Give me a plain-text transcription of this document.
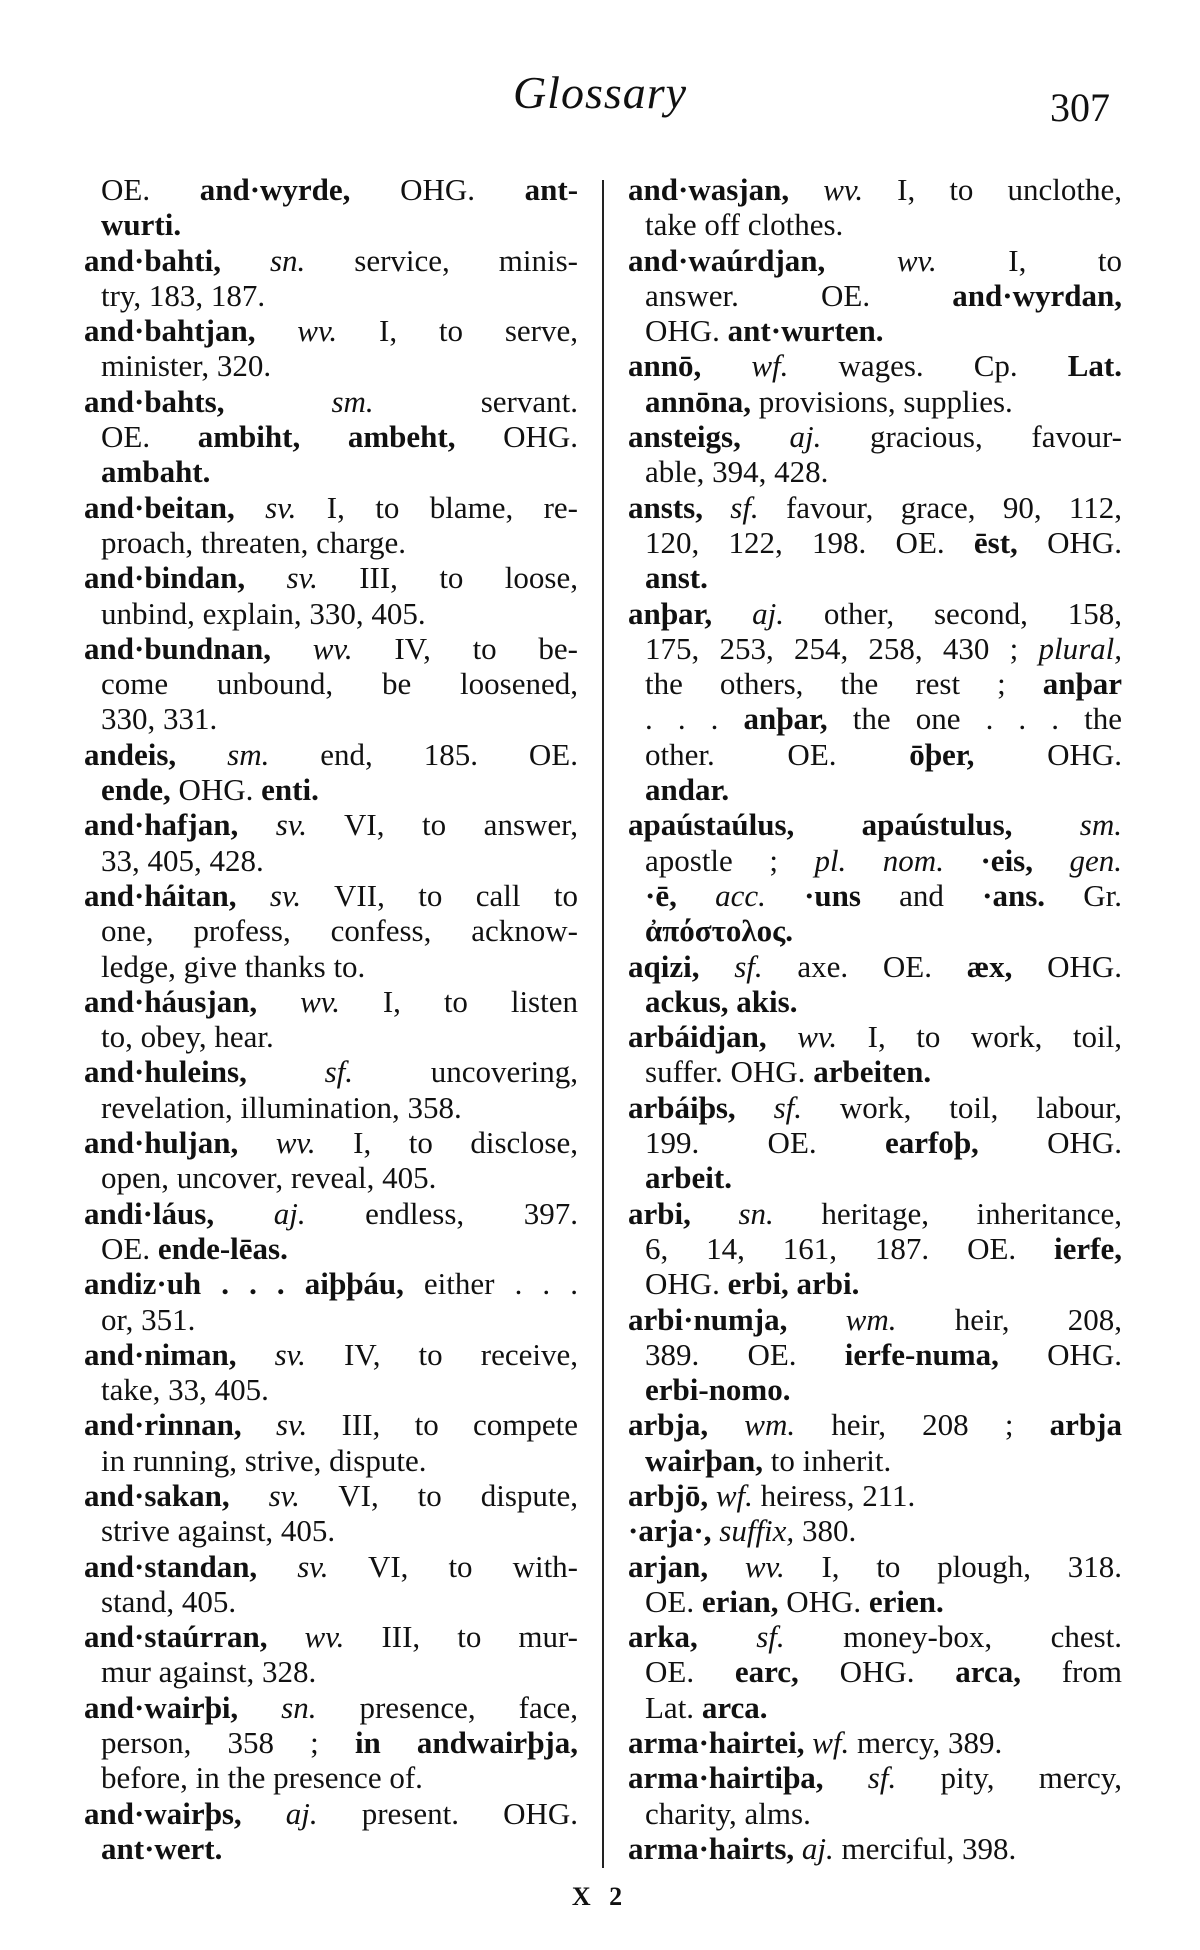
Glossary	307
OE. and·wyrde, OHG. ant-
wurti.
and·bahti, sn. service, minis-
try, 183, 187.
and·bahtjan, wv. I, to serve,
minister, 320.
and·bahts,	sm. servant.
OE. ambiht, ambeht, OHG.
ambaht.
and·beitan, sv. I, to blame, re-
proach, threaten, charge.
and·bindan, sv. III, to loose,
unbind, explain, 330, 405.
and·bundnan, wv. IV, to be-
come unbound, be loosened,
330, 331.
andeis, sm. end, 185. OE.
ende, OHG. enti.
and·hafjan, sv. VI, to answer,
33, 405, 428.
and·háitan, sv. VII, to call to
one, profess, confess, acknow-
ledge, give thanks to.
and·háusjan, wv. I, to listen
to, obey, hear.
and·huleins,	sf. uncovering,
revelation, illumination, 358.
and·huljan, wv. I, to disclose,
open, uncover, reveal, 405.
andi·láus, aj. endless, 397.
OE. ende-lēas.
andiz·uh . . . aiþþáu, either . . .
or, 351.
and·niman, sv. IV, to receive,
take, 33, 405.
and·rinnan, sv. III, to compete
in running, strive, dispute.
and·sakan, sv. VI, to dispute,
strive against, 405.
and·standan, sv. VI, to with-
stand, 405.
and·staúrran, wv. III, to mur-
mur against, 328.
and·wairþi, sn. presence, face,
person, 358 ; in andwairþja,
before, in the presence of.
and·wairþs, aj. present. OHG.
ant·wert.
and·wasjan, wv. I, to unclothe,
take off clothes.
and·waúrdjan, wv. I, to
answer. OE. and·wyrdan,
OHG. ant·wurten.
annō, wf. wages. Cp. Lat.
annōna, provisions, supplies.
ansteigs, aj. gracious, favour-
able, 394, 428.
ansts, sf. favour, grace, 90, 112,
120, 122, 198. OE. ēst, OHG.
anst.
anþar, aj. other, second, 158,
175, 253, 254, 258, 430 ; plural,
the others, the rest ; anþar
. . . anþar, the one . . . the
other. OE. ōþer, OHG.
andar.
apaústaúlus, apaústulus, sm.
apostle ; pl. nom. ·eis, gen.
·ē, acc. ·uns and ·ans. Gr.
ἀπόστολος.
aqizi, sf. axe. OE. æx, OHG.
ackus, akis.
arbáidjan, wv. I, to work, toil,
suffer. OHG. arbeiten.
arbáiþs, sf. work, toil, labour,
199. OE. earfoþ, OHG.
arbeit.
arbi, sn. heritage, inheritance,
6, 14, 161, 187. OE. ierfe,
OHG. erbi, arbi.
arbi·numja, wm. heir, 208,
389. OE. ierfe-numa, OHG.
erbi-nomo.
arbja, wm. heir, 208 ; arbja
wairþan, to inherit.
arbjō, wf. heiress, 211.
·arja·, suffix, 380.
arjan, wv. I, to plough, 318.
OE. erian, OHG. erien.
arka, sf. money-box, chest.
OE. earc, OHG. arca, from
Lat. arca.
arma·hairtei, wf. mercy, 389.
arma·hairtiþa, sf. pity, mercy,
charity, alms.
arma·hairts, aj. merciful, 398.
X 2
